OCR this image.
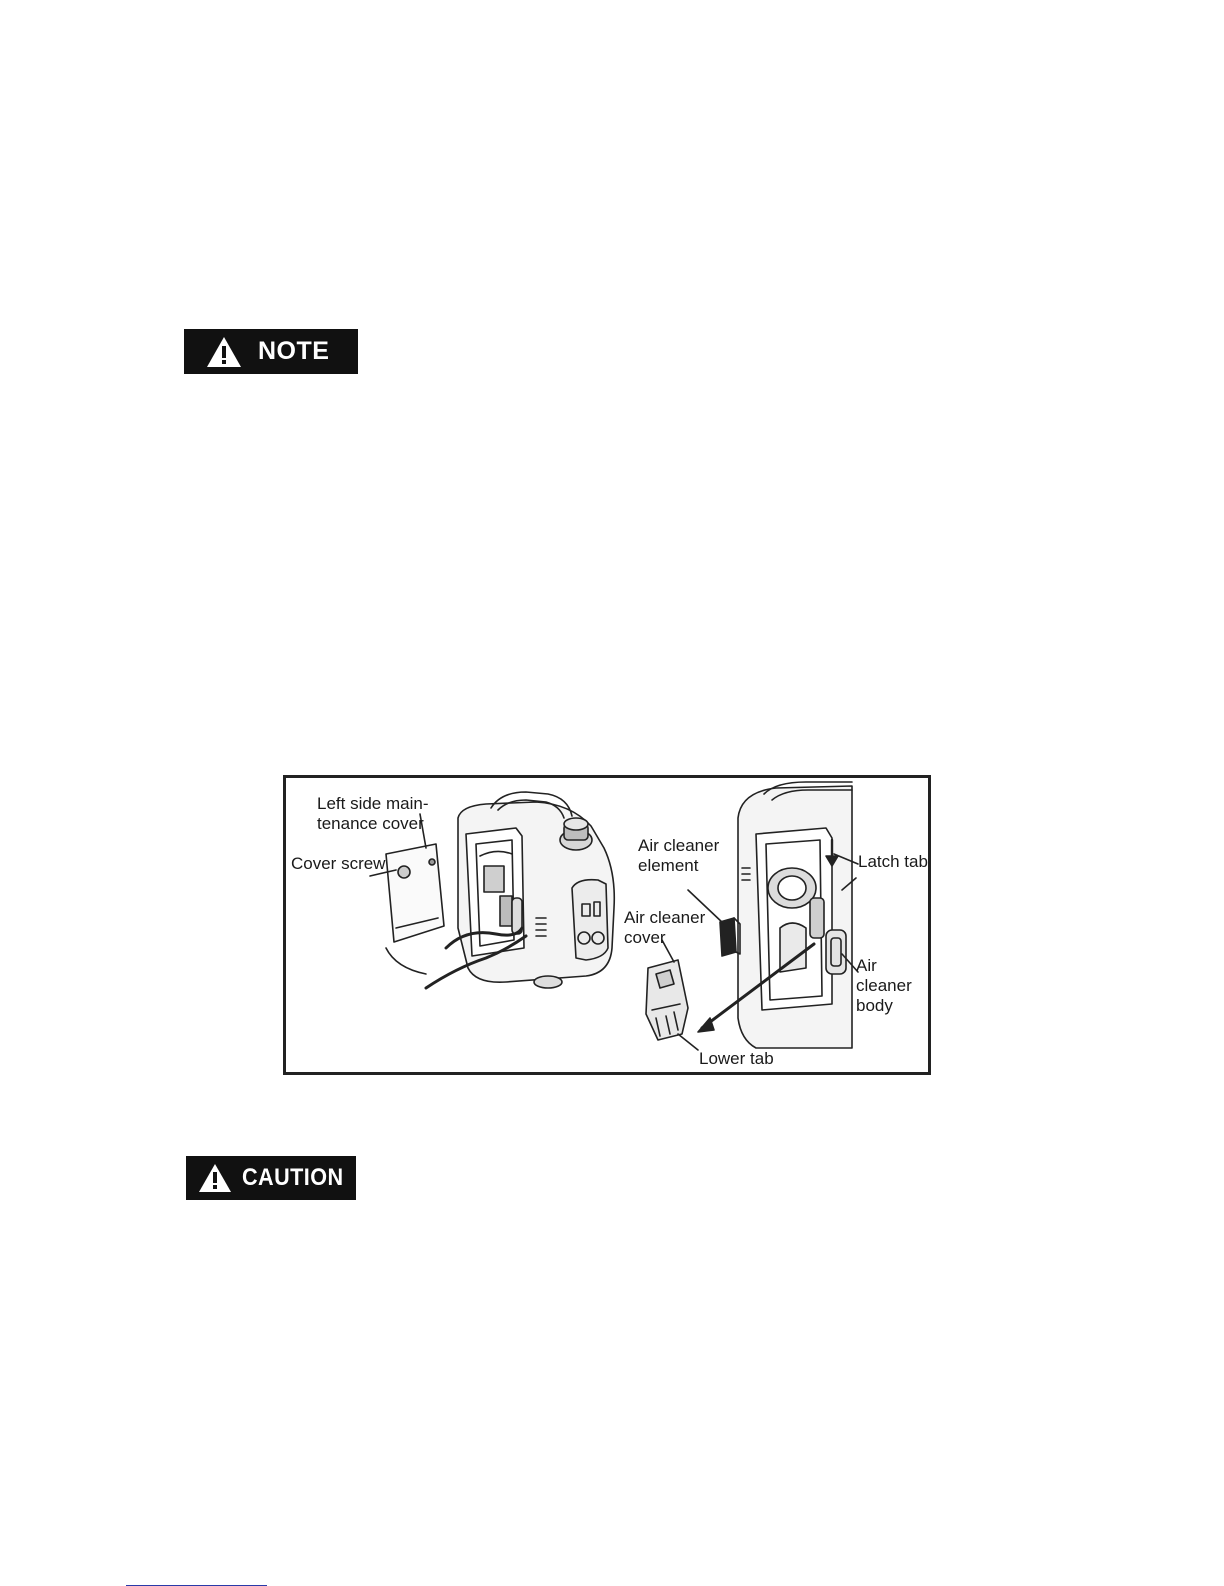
NOTE
Left side main-
tenance cover
Cover screw
Air cleaner
element
Air cleaner
cover
Latch tab
Air
cleaner
body
Lower tab
CAUTION
